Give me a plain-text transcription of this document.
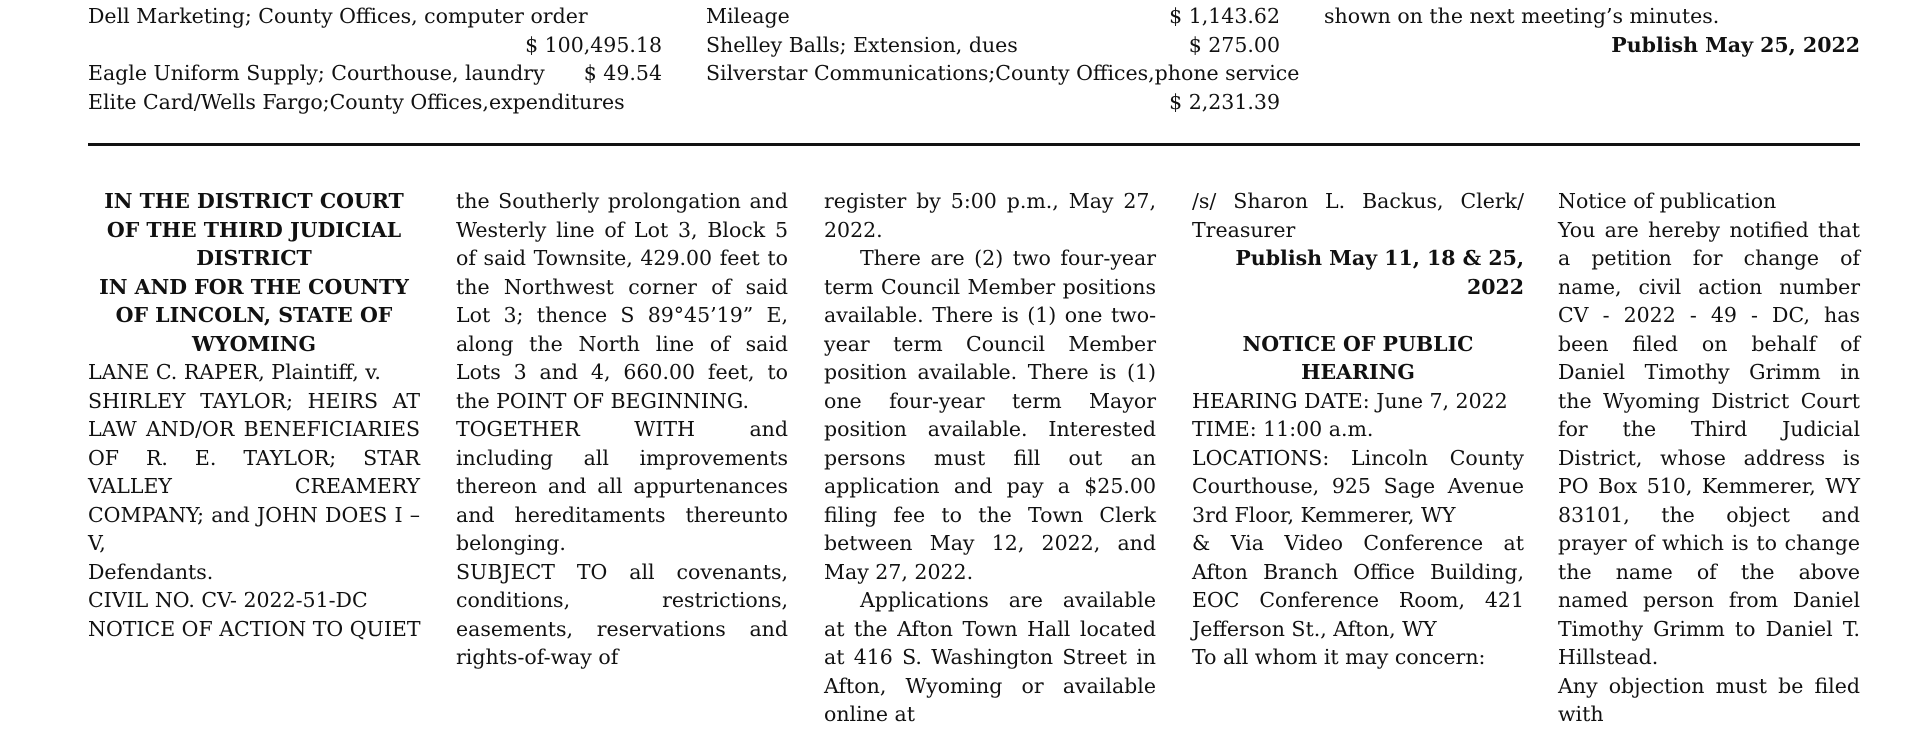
Dell Marketing; County Offices, computer order
$ 100,495.18
Eagle Uniform Supply; Courthouse, laundry $ 49.54
Elite Card/Wells Fargo;County Offices,expenditures
Mileage	$ 1,143.62
Shelley Balls; Extension, dues	$ 275.00
Silverstar Communications;County Offices,phone service
$ 2,231.39
shown on the next meeting’s minutes.
Publish May 25, 2022
IN THE DISTRICT COURT
OF THE THIRD JUDICIAL
DISTRICT
IN AND FOR THE COUNTY
OF LINCOLN, STATE OF
WYOMING

LANE C. RAPER, Plaintiff, v.

SHIRLEY TAYLOR; HEIRS AT LAW AND/OR BENEFICIARIES OF R. E. TAYLOR; STAR VALLEY CREAMERY COMPANY; and JOHN DOES I – V,

Defendants.

CIVIL NO. CV- 2022-51-DC

NOTICE OF ACTION TO QUIET

the Southerly prolongation and Westerly line of Lot 3, Block 5 of said Townsite, 429.00 feet to the Northwest corner of said Lot 3; thence S 89°45’19” E, along the North line of said Lots 3 and 4, 660.00 feet, to the POINT OF BEGINNING.

TOGETHER WITH and including all improvements thereon and all appurtenances and hereditaments thereunto belonging.

SUBJECT TO all covenants, conditions, restrictions, easements, reservations and rights-of-way of

register by 5:00 p.m., May 27, 2022.

There are (2) two four-year term Council Member positions available. There is (1) one two-year term Council Member position available. There is (1) one four-year term Mayor position available. Interested persons must fill out an application and pay a $25.00 filing fee to the Town Clerk between May 12, 2022, and May 27, 2022.

Applications are available at the Afton Town Hall located at 416 S. Washington Street in Afton, Wyoming or available online at

/s/ Sharon L. Backus, Clerk/ Treasurer

Publish May 11, 18 & 25, 2022

NOTICE OF PUBLIC HEARING

HEARING DATE: June 7, 2022

TIME: 11:00 a.m.

LOCATIONS: Lincoln County Courthouse, 925 Sage Avenue 3rd Floor, Kemmerer, WY

& Via Video Conference at Afton Branch Office Building, EOC Conference Room, 421 Jefferson St., Afton, WY

To all whom it may concern:

Notice of publication

You are hereby notified that a petition for change of name, civil action number CV - 2022 - 49 - DC, has been filed on behalf of Daniel Timothy Grimm in the Wyoming District Court for the Third Judicial District, whose address is PO Box 510, Kemmerer, WY 83101, the object and prayer of which is to change the name of the above named person from Daniel Timothy Grimm to Daniel T. Hillstead.

Any objection must be filed with
